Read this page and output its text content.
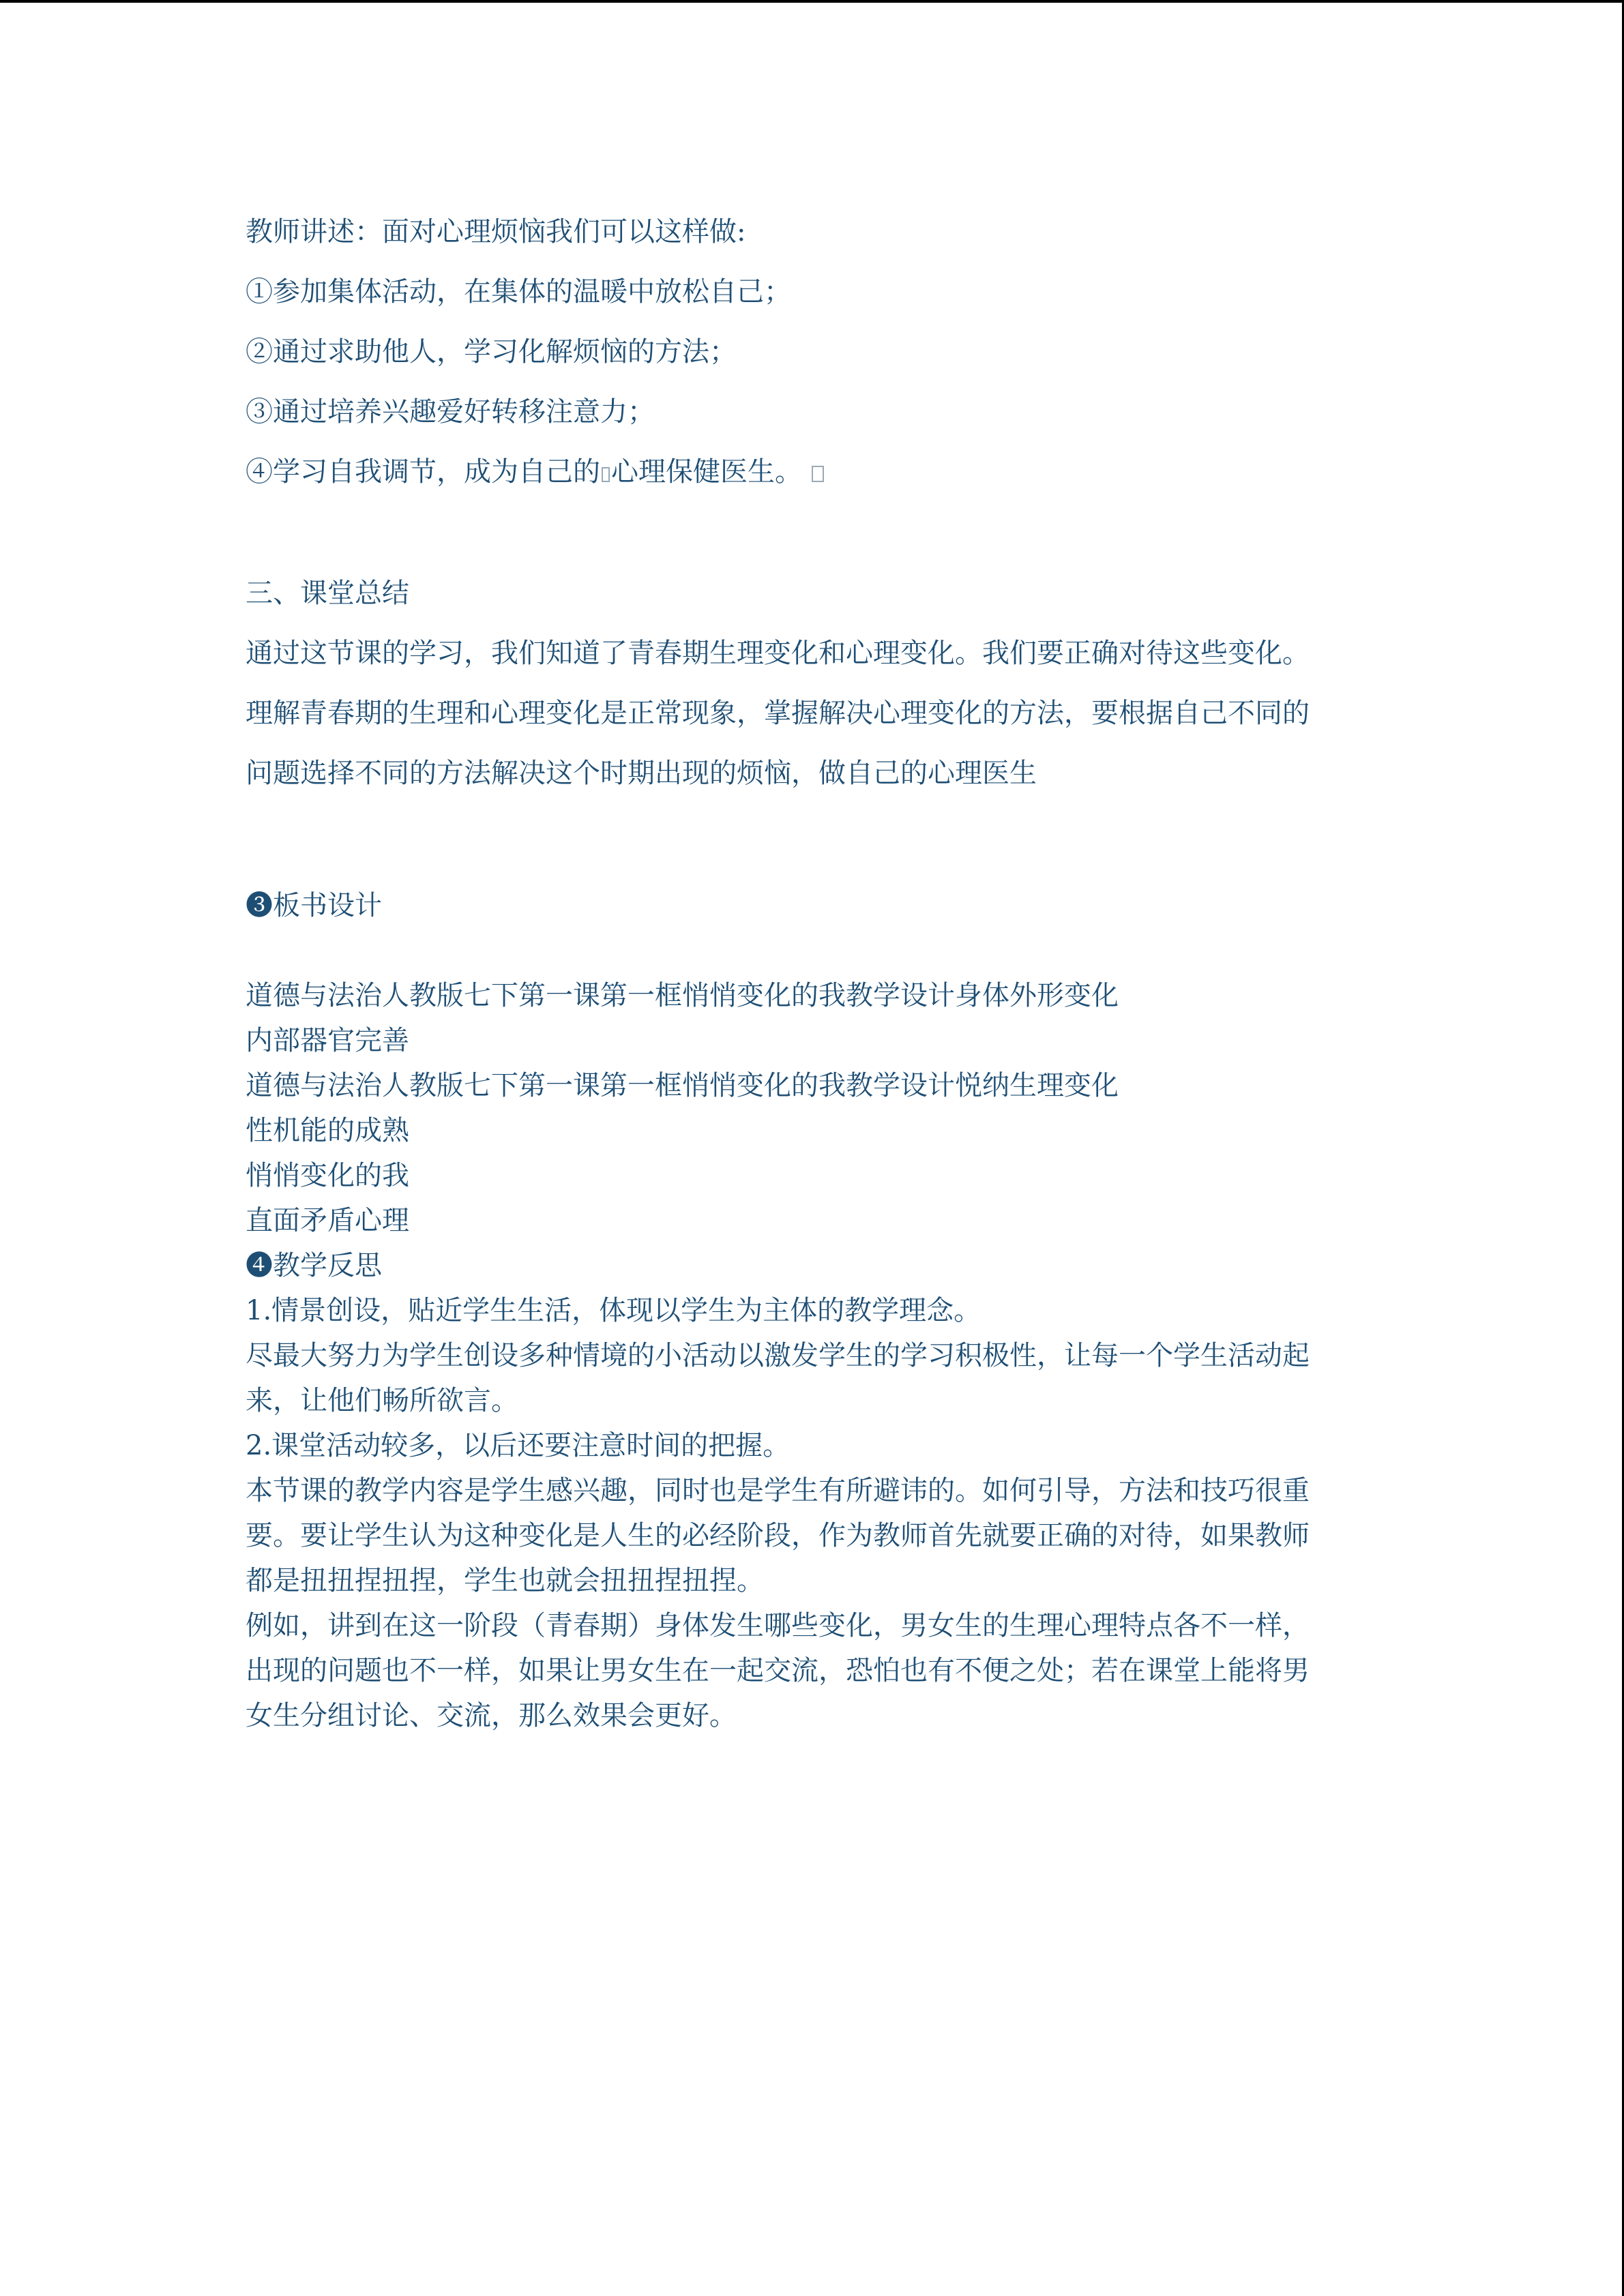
教师讲述：面对心理烦恼我们可以这样做:
①参加集体活动，在集体的温暖中放松自己；
②通过求助他人，学习化解烦恼的方法；
③通过培养兴趣爱好转移注意力；
④学习自我调节，成为自己的 心理保健医生。
三、课堂总结
通过这节课的学习，我们知道了青春期生理变化和心理变化。我们要正确对待这些变化。
理解青春期的生理和心理变化是正常现象，掌握解决心理变化的方法，要根据自己不同的
问题选择不同的方法解决这个时期出现的烦恼，做自己的心理医生
❸板书设计
道德与法治人教版七下第一课第一框悄悄变化的我教学设计身体外形变化
内部器官完善
道德与法治人教版七下第一课第一框悄悄变化的我教学设计悦纳生理变化
性机能的成熟
悄悄变化的我
直面矛盾心理
❹教学反思
1.情景创设，贴近学生生活，体现以学生为主体的教学理念。
尽最大努力为学生创设多种情境的小活动以激发学生的学习积极性，让每一个学生活动起
来，让他们畅所欲言。
2.课堂活动较多，以后还要注意时间的把握。
本节课的教学内容是学生感兴趣，同时也是学生有所避讳的。如何引导，方法和技巧很重
要。要让学生认为这种变化是人生的必经阶段，作为教师首先就要正确的对待，如果教师
都是扭扭捏扭捏，学生也就会扭扭捏扭捏。
例如，讲到在这一阶段（青春期）身体发生哪些变化，男女生的生理心理特点各不一样，
出现的问题也不一样，如果让男女生在一起交流，恐怕也有不便之处；若在课堂上能将男
女生分组讨论、交流，那么效果会更好。
